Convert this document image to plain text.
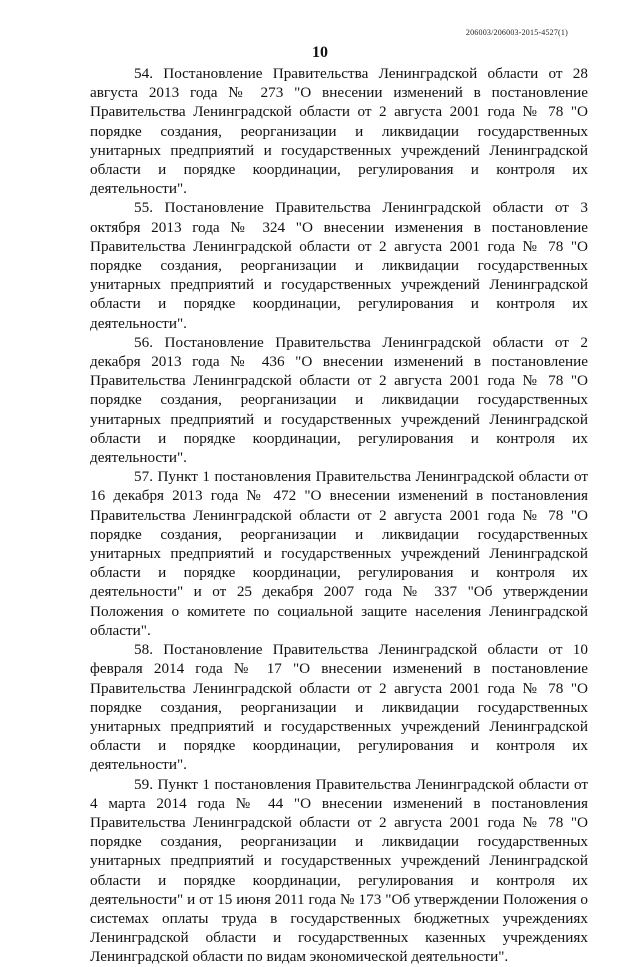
206003/206003-2015-4527(1)
10

54. Постановление Правительства Ленинградской области от 28 августа 2013 года № 273 "О внесении изменений в постановление Правительства Ленинградской области от 2 августа 2001 года № 78 "О порядке создания, реорганизации и ликвидации государственных унитарных предприятий и государственных учреждений Ленинградской области и порядке координации, регулирования и контроля их деятельности".

55. Постановление Правительства Ленинградской области от 3 октября 2013 года № 324 "О внесении изменения в постановление Правительства Ленинградской области от 2 августа 2001 года № 78 "О порядке создания, реорганизации и ликвидации государственных унитарных предприятий и государственных учреждений Ленинградской области и порядке координации, регулирования и контроля их деятельности".

56. Постановление Правительства Ленинградской области от 2 декабря 2013 года № 436 "О внесении изменений в постановление Правительства Ленинградской области от 2 августа 2001 года № 78 "О порядке создания, реорганизации и ликвидации государственных унитарных предприятий и государственных учреждений Ленинградской области и порядке координации, регулирования и контроля их деятельности".

57. Пункт 1 постановления Правительства Ленинградской области от 16 декабря 2013 года № 472 "О внесении изменений в постановления Правительства Ленинградской области от 2 августа 2001 года № 78 "О порядке создания, реорганизации и ликвидации государственных унитарных предприятий и государственных учреждений Ленинградской области и порядке координации, регулирования и контроля их деятельности" и от 25 декабря 2007 года № 337 "Об утверждении Положения о комитете по социальной защите населения Ленинградской области".

58. Постановление Правительства Ленинградской области от 10 февраля 2014 года № 17 "О внесении изменений в постановление Правительства Ленинградской области от 2 августа 2001 года № 78 "О порядке создания, реорганизации и ликвидации государственных унитарных предприятий и государственных учреждений Ленинградской области и порядке координации, регулирования и контроля их деятельности".

59. Пункт 1 постановления Правительства Ленинградской области от 4 марта 2014 года № 44 "О внесении изменений в постановления Правительства Ленинградской области от 2 августа 2001 года № 78 "О порядке создания, реорганизации и ликвидации государственных унитарных предприятий и государственных учреждений Ленинградской области и порядке координации, регулирования и контроля их деятельности" и от 15 июня 2011 года № 173 "Об утверждении Положения о системах оплаты труда в государственных бюджетных учреждениях Ленинградской области и государственных казенных учреждениях Ленинградской области по видам экономической деятельности".
